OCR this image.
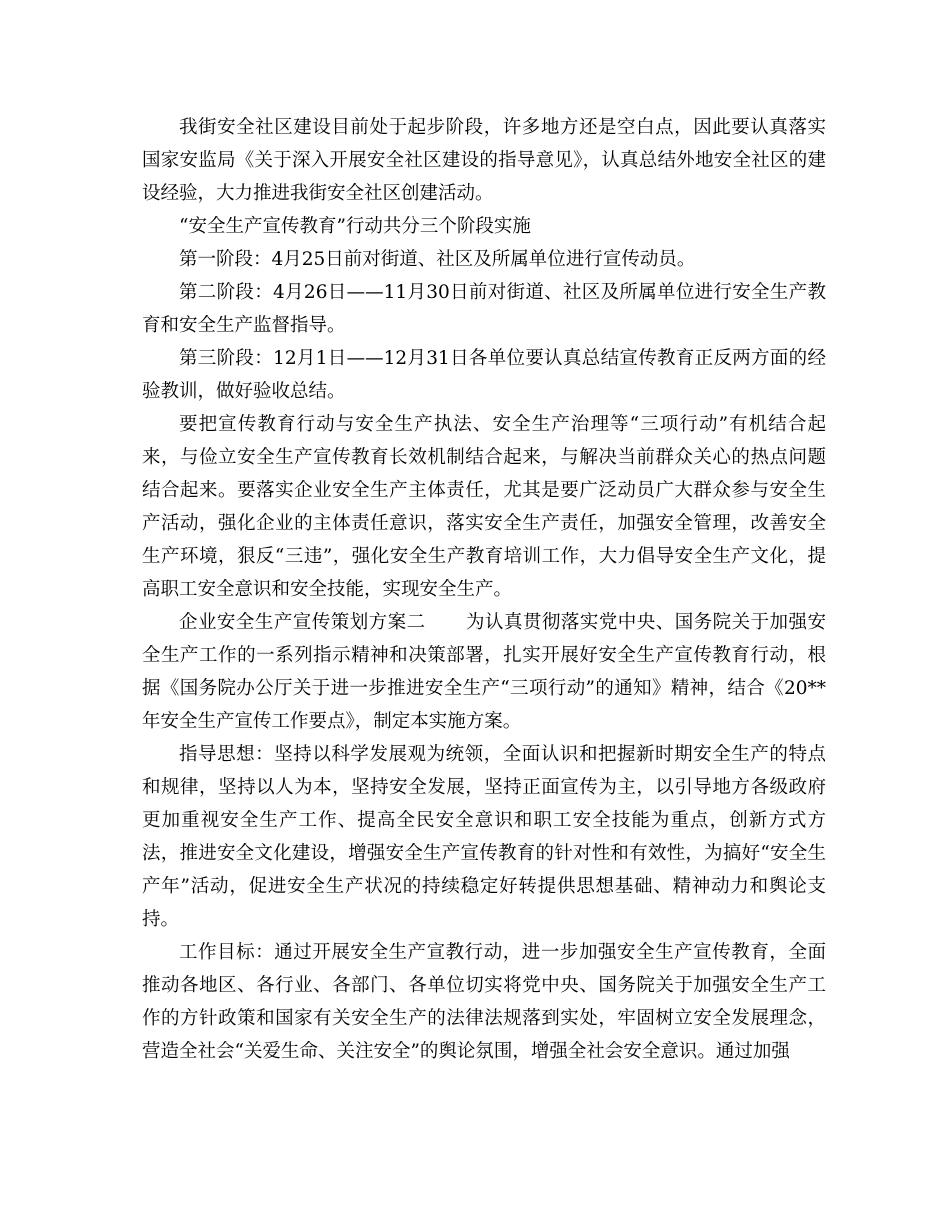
我街安全社区建设目前处于起步阶段，许多地方还是空白点，因此要认真落实国家安监局《关于深入开展安全社区建设的指导意见》，认真总结外地安全社区的建设经验，大力推进我街安全社区创建活动。

“安全生产宣传教育”行动共分三个阶段实施

第一阶段：4月25日前对街道、社区及所属单位进行宣传动员。

第二阶段：4月26日——11月30日前对街道、社区及所属单位进行安全生产教育和安全生产监督指导。

第三阶段：12月1日——12月31日各单位要认真总结宣传教育正反两方面的经验教训，做好验收总结。

要把宣传教育行动与安全生产执法、安全生产治理等“三项行动”有机结合起来，与俭立安全生产宣传教育长效机制结合起来，与解决当前群众关心的热点问题结合起来。要落实企业安全生产主体责任，尤其是要广泛动员广大群众参与安全生产活动，强化企业的主体责任意识，落实安全生产责任，加强安全管理，改善安全生产环境，狠反“三违”，强化安全生产教育培训工作，大力倡导安全生产文化，提高职工安全意识和安全技能，实现安全生产。

企业安全生产宣传策划方案二 为认真贯彻落实党中央、国务院关于加强安全生产工作的一系列指示精神和决策部署，扎实开展好安全生产宣传教育行动，根据《国务院办公厅关于进一步推进安全生产“三项行动”的通知》精神，结合《20**年安全生产宣传工作要点》，制定本实施方案。

指导思想：坚持以科学发展观为统领，全面认识和把握新时期安全生产的特点和规律，坚持以人为本，坚持安全发展，坚持正面宣传为主，以引导地方各级政府更加重视安全生产工作、提高全民安全意识和职工安全技能为重点，创新方式方法，推进安全文化建设，增强安全生产宣传教育的针对性和有效性，为搞好“安全生产年”活动，促进安全生产状况的持续稳定好转提供思想基础、精神动力和舆论支持。

工作目标：通过开展安全生产宣教行动，进一步加强安全生产宣传教育，全面推动各地区、各行业、各部门、各单位切实将党中央、国务院关于加强安全生产工作的方针政策和国家有关安全生产的法律法规落到实处，牢固树立安全发展理念，营造全社会“关爱生命、关注安全”的舆论氛围，增强全社会安全意识。通过加强
